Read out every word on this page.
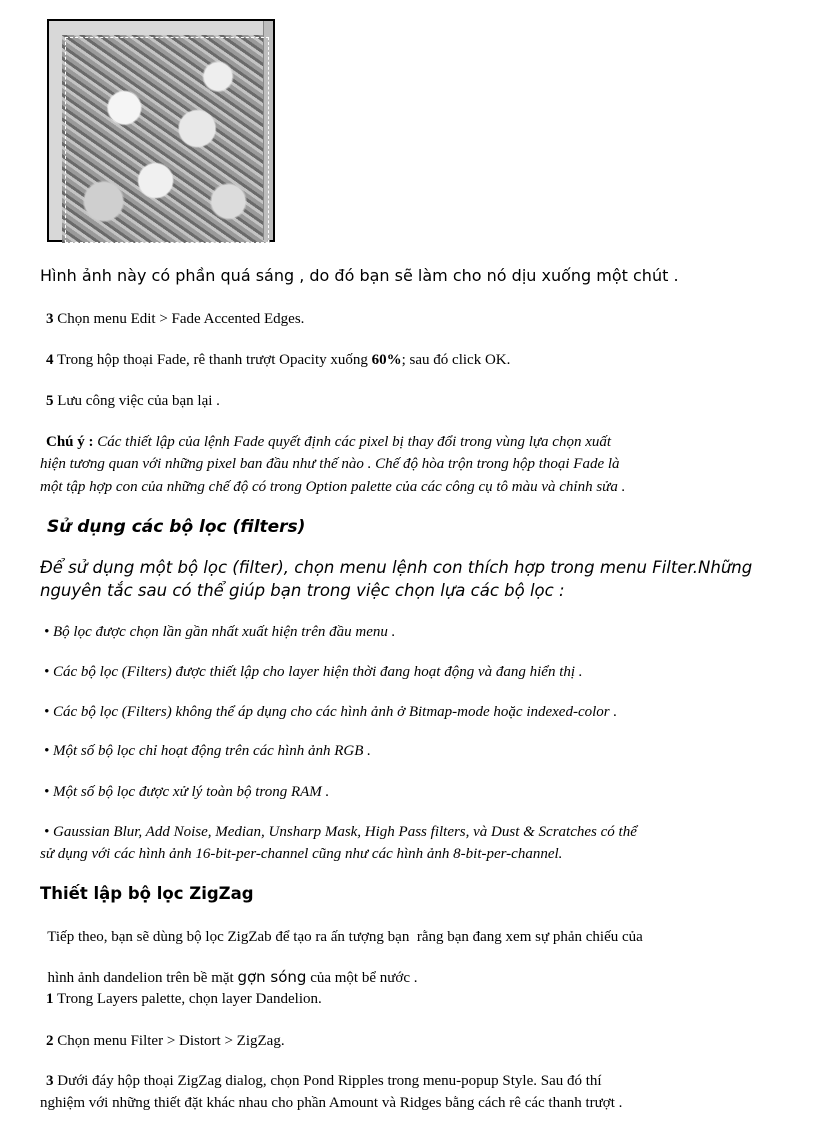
Hình ảnh này có phần quá sáng , do đó bạn sẽ làm cho nó dịu xuống một chút .
3 Chọn menu Edit > Fade Accented Edges.
4 Trong hộp thoại Fade, rê thanh trượt Opacity xuống 60%; sau đó click OK.
5 Lưu công việc của bạn lại .
Chú ý : Các thiết lập của lệnh Fade quyết định các pixel bị thay đổi trong vùng lựa chọn xuất
hiện tương quan với những pixel ban đầu như thế nào . Chế độ hòa trộn trong hộp thoại Fade là
một tập hợp con của những chế độ có trong Option palette của các công cụ tô màu và chỉnh sửa .
Sử dụng các bộ lọc (filters)
Để sử dụng một bộ lọc (filter), chọn menu lệnh con thích hợp trong menu Filter.Những
nguyên tắc sau có thể giúp bạn trong việc chọn lựa các bộ lọc :
• Bộ lọc được chọn lần gần nhất xuất hiện trên đầu menu .
• Các bộ lọc (Filters) được thiết lập cho layer hiện thời đang hoạt động và đang hiển thị .
• Các bộ lọc (Filters) không thể áp dụng cho các hình ảnh ở Bitmap-mode hoặc indexed-color .
• Một số bộ lọc chỉ hoạt động trên các hình ảnh RGB .
• Một số bộ lọc được xử lý toàn bộ trong RAM .
• Gaussian Blur, Add Noise, Median, Unsharp Mask, High Pass filters, và Dust & Scratches có thể
sử dụng với các hình ảnh 16-bit-per-channel cũng như các hình ảnh 8-bit-per-channel.
Thiết lập bộ lọc ZigZag
Tiếp theo, bạn sẽ dùng bộ lọc ZigZab để tạo ra ấn tượng bạn  rằng bạn đang xem sự phản chiếu của

hình ảnh dandelion trên bề mặt gợn sóng của một bể nước .

1 Trong Layers palette, chọn layer Dandelion.
2 Chọn menu Filter > Distort > ZigZag.
3 Dưới đáy hộp thoại ZigZag dialog, chọn Pond Ripples trong menu-popup Style. Sau đó thí
nghiệm với những thiết đặt khác nhau cho phần Amount và Ridges bằng cách rê các thanh trượt .
